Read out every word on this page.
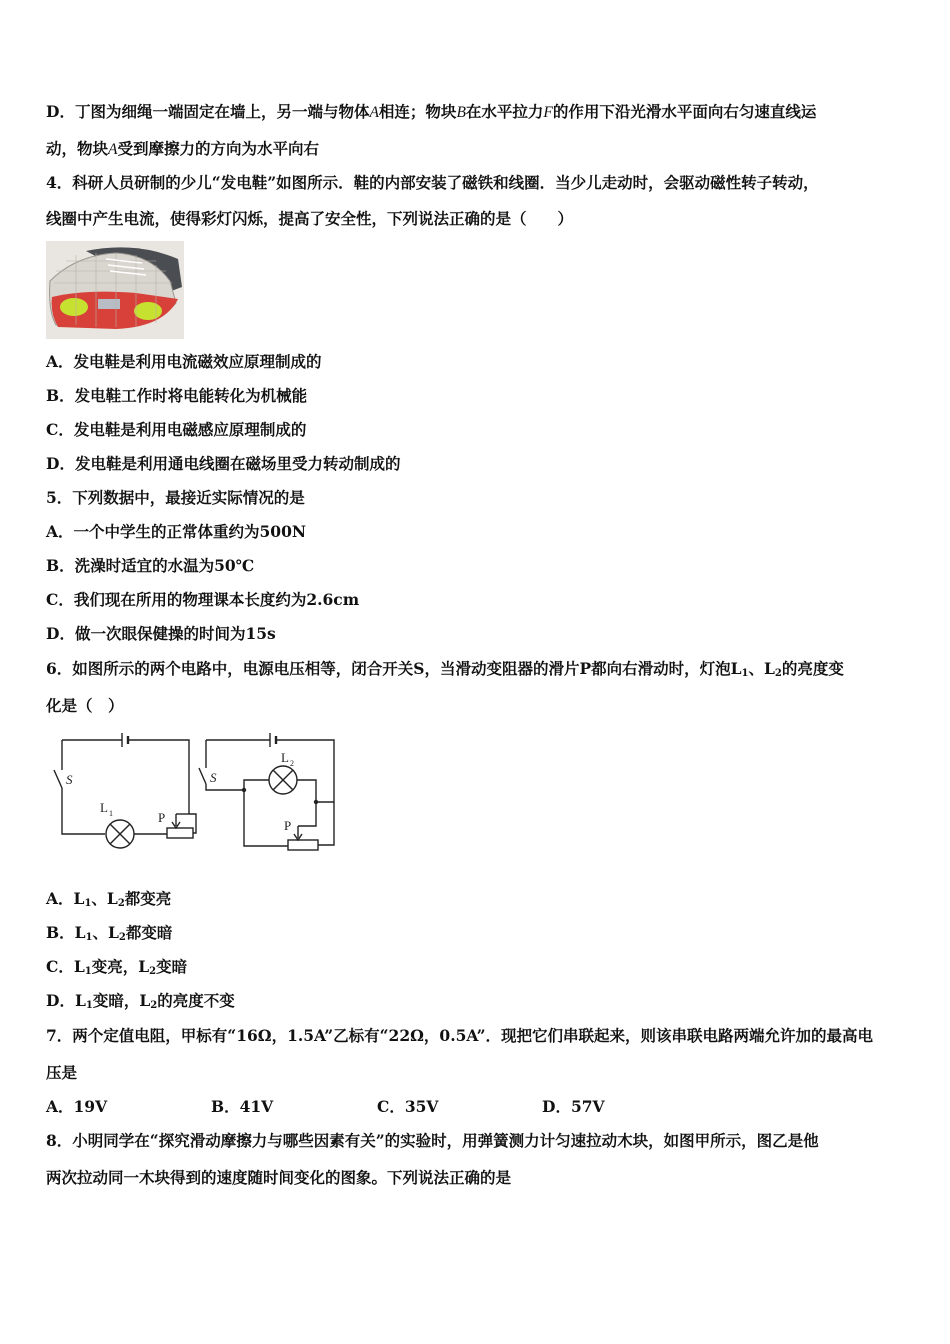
D．丁图为细绳一端固定在墙上，另一端与物体A相连；物块B在水平拉力F的作用下沿光滑水平面向右匀速直线运
动，物块A受到摩擦力的方向为水平向右
4．科研人员研制的少儿“发电鞋”如图所示．鞋的内部安装了磁铁和线圈．当少儿走动时，会驱动磁性转子转动，
线圈中产生电流，使得彩灯闪烁，提高了安全性，下列说法正确的是（　　）
A．发电鞋是利用电流磁效应原理制成的
B．发电鞋工作时将电能转化为机械能
C．发电鞋是利用电磁感应原理制成的
D．发电鞋是利用通电线圈在磁场里受力转动制成的
5．下列数据中，最接近实际情况的是
A．一个中学生的正常体重约为500N
B．洗澡时适宜的水温为50℃
C．我们现在所用的物理课本长度约为2.6cm
D．做一次眼保健操的时间为15s
6．如图所示的两个电路中，电源电压相等，闭合开关S，当滑动变阻器的滑片P都向右滑动时，灯泡$L_1$、$L_2$的亮度变
化是（　）
S	S
L 1	P
L 2
P
A．$L_1$、$L_2$都变亮
B．$L_1$、$L_2$都变暗
C．$L_1$变亮，$L_2$变暗
D．$L_1$变暗，$L_2$的亮度不变
7．两个定值电阻，甲标有“16Ω，1.5A”乙标有“22Ω，0.5A”．现把它们串联起来，则该串联电路两端允许加的最高电
压是
A．19V	B．41V	C．35V	D．57V
8．小明同学在“探究滑动摩擦力与哪些因素有关”的实验时，用弹簧测力计匀速拉动木块，如图甲所示，图乙是他
两次拉动同一木块得到的速度随时间变化的图象。下列说法正确的是
